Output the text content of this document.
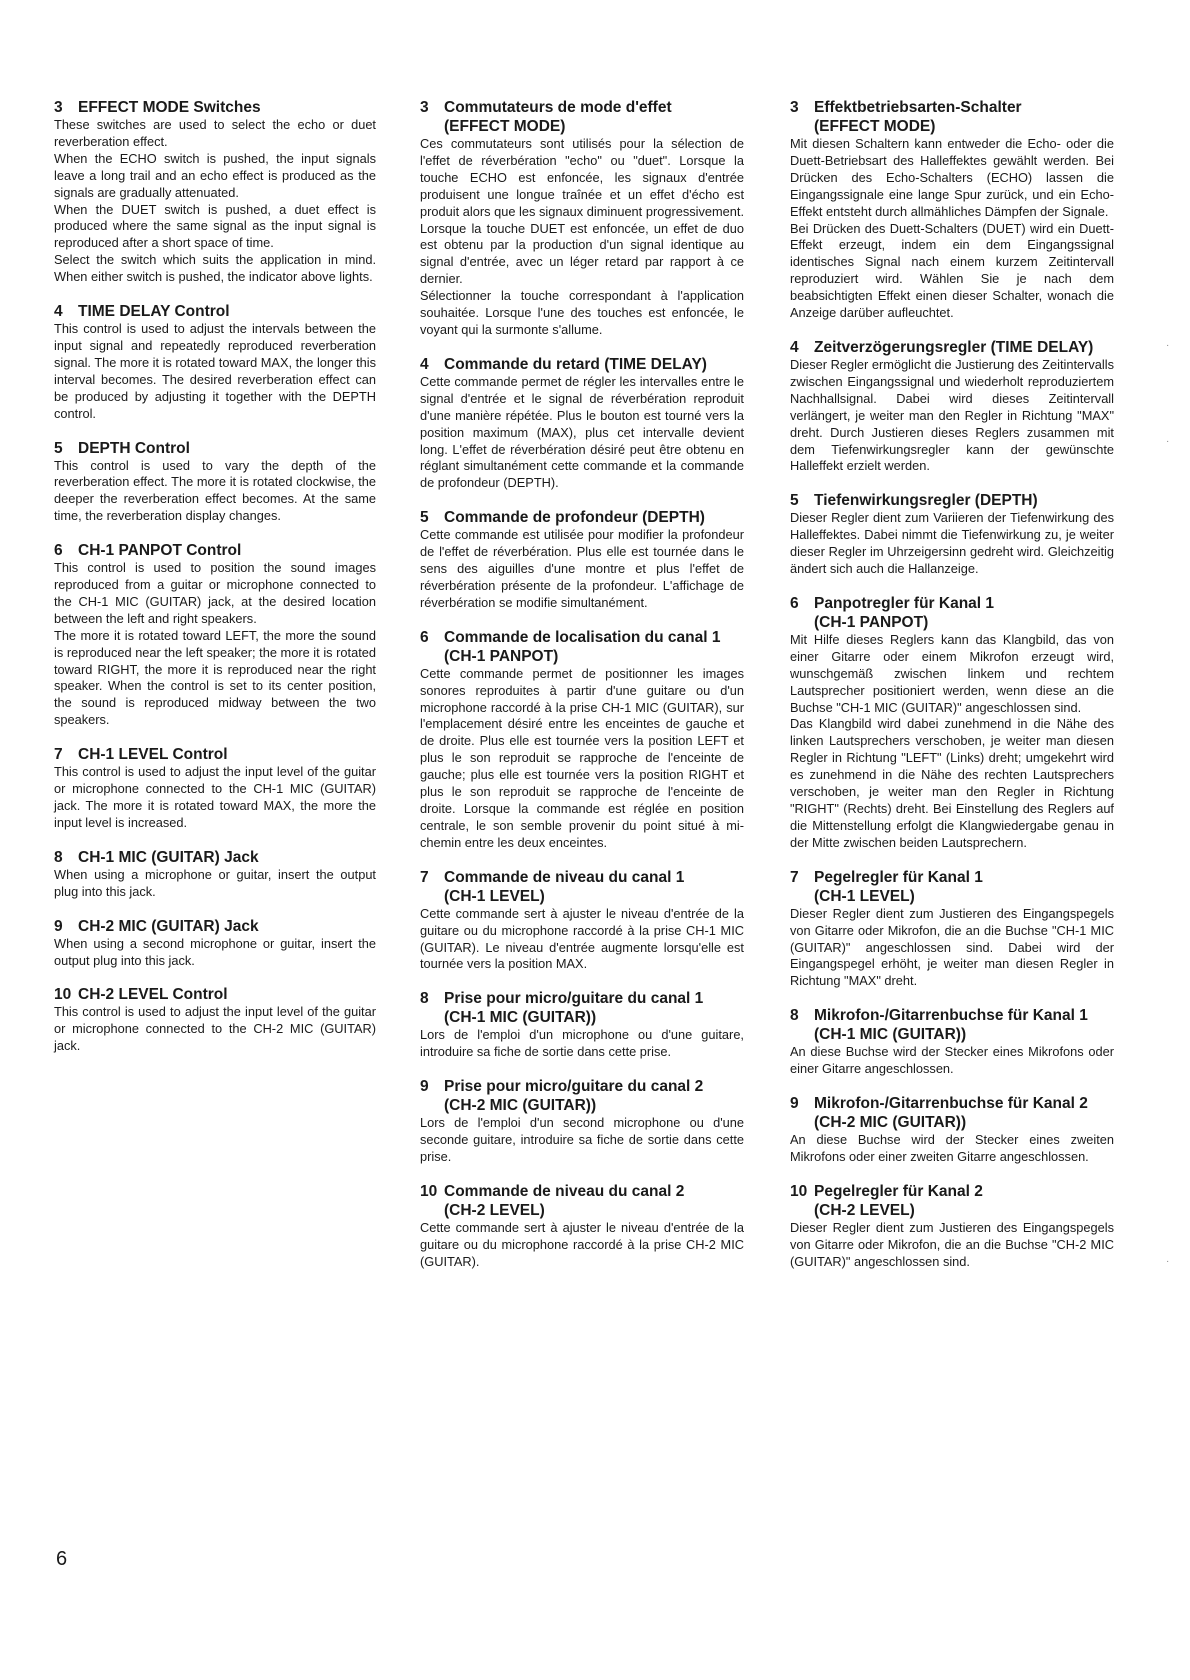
3 EFFECT MODE Switches

These switches are used to select the echo or duet reverberation effect.
When the ECHO switch is pushed, the input signals leave a long trail and an echo effect is produced as the signals are gradually attenuated.
When the DUET switch is pushed, a duet effect is produced where the same signal as the input signal is reproduced after a short space of time.
Select the switch which suits the application in mind. When either switch is pushed, the indicator above lights.

4 TIME DELAY Control

This control is used to adjust the intervals between the input signal and repeatedly reproduced reverberation signal. The more it is rotated toward MAX, the longer this interval becomes. The desired reverberation effect can be produced by adjusting it together with the DEPTH control.

5 DEPTH Control

This control is used to vary the depth of the reverberation effect. The more it is rotated clockwise, the deeper the reverberation effect becomes. At the same time, the reverberation display changes.

6 CH-1 PANPOT Control

This control is used to position the sound images reproduced from a guitar or microphone connected to the CH-1 MIC (GUITAR) jack, at the desired location between the left and right speakers.
The more it is rotated toward LEFT, the more the sound is reproduced near the left speaker; the more it is rotated toward RIGHT, the more it is reproduced near the right speaker. When the control is set to its center position, the sound is reproduced midway between the two speakers.

7 CH-1 LEVEL Control

This control is used to adjust the input level of the guitar or microphone connected to the CH-1 MIC (GUITAR) jack. The more it is rotated toward MAX, the more the input level is increased.

8 CH-1 MIC (GUITAR) Jack

When using a microphone or guitar, insert the output plug into this jack.

9 CH-2 MIC (GUITAR) Jack

When using a second microphone or guitar, insert the output plug into this jack.

10 CH-2 LEVEL Control

This control is used to adjust the input level of the guitar or microphone connected to the CH-2 MIC (GUITAR) jack.

3 Commutateurs de mode d'effet
(EFFECT MODE)

Ces commutateurs sont utilisés pour la sélection de l'effet de réverbération "echo" ou "duet". Lorsque la touche ECHO est enfoncée, les signaux d'entrée produisent une longue traînée et un effet d'écho est produit alors que les signaux diminuent progressivement. Lorsque la touche DUET est enfoncée, un effet de duo est obtenu par la production d'un signal identique au signal d'entrée, avec un léger retard par rapport à ce dernier.
Sélectionner la touche correspondant à l'application souhaitée. Lorsque l'une des touches est enfoncée, le voyant qui la surmonte s'allume.

4 Commande du retard (TIME DELAY)

Cette commande permet de régler les intervalles entre le signal d'entrée et le signal de réverbération reproduit d'une manière répétée. Plus le bouton est tourné vers la position maximum (MAX), plus cet intervalle devient long. L'effet de réverbération désiré peut être obtenu en réglant simultanément cette commande et la commande de profondeur (DEPTH).

5 Commande de profondeur (DEPTH)

Cette commande est utilisée pour modifier la profondeur de l'effet de réverbération. Plus elle est tournée dans le sens des aiguilles d'une montre et plus l'effet de réverbération présente de la profondeur. L'affichage de réverbération se modifie simultanément.

6 Commande de localisation du canal 1
(CH-1 PANPOT)

Cette commande permet de positionner les images sonores reproduites à partir d'une guitare ou d'un microphone raccordé à la prise CH-1 MIC (GUITAR), sur l'emplacement désiré entre les enceintes de gauche et de droite. Plus elle est tournée vers la position LEFT et plus le son reproduit se rapproche de l'enceinte de gauche; plus elle est tournée vers la position RIGHT et plus le son reproduit se rapproche de l'enceinte de droite. Lorsque la commande est réglée en position centrale, le son semble provenir du point situé à mi-chemin entre les deux enceintes.

7 Commande de niveau du canal 1
(CH-1 LEVEL)

Cette commande sert à ajuster le niveau d'entrée de la guitare ou du microphone raccordé à la prise CH-1 MIC (GUITAR). Le niveau d'entrée augmente lorsqu'elle est tournée vers la position MAX.

8 Prise pour micro/guitare du canal 1
(CH-1 MIC (GUITAR))

Lors de l'emploi d'un microphone ou d'une guitare, introduire sa fiche de sortie dans cette prise.

9 Prise pour micro/guitare du canal 2
(CH-2 MIC (GUITAR))

Lors de l'emploi d'un second microphone ou d'une seconde guitare, introduire sa fiche de sortie dans cette prise.

10 Commande de niveau du canal 2
(CH-2 LEVEL)

Cette commande sert à ajuster le niveau d'entrée de la guitare ou du microphone raccordé à la prise CH-2 MIC (GUITAR).

3 Effektbetriebsarten-Schalter
(EFFECT MODE)

Mit diesen Schaltern kann entweder die Echo- oder die Duett-Betriebsart des Halleffektes gewählt werden. Bei Drücken des Echo-Schalters (ECHO) lassen die Eingangssignale eine lange Spur zurück, und ein Echo-Effekt entsteht durch allmähliches Dämpfen der Signale.
Bei Drücken des Duett-Schalters (DUET) wird ein Duett-Effekt erzeugt, indem ein dem Eingangssignal identisches Signal nach einem kurzem Zeitintervall reproduziert wird. Wählen Sie je nach dem beabsichtigten Effekt einen dieser Schalter, wonach die Anzeige darüber aufleuchtet.

4 Zeitverzögerungsregler (TIME DELAY)

Dieser Regler ermöglicht die Justierung des Zeitintervalls zwischen Eingangssignal und wiederholt reproduziertem Nachhallsignal. Dabei wird dieses Zeitintervall verlängert, je weiter man den Regler in Richtung "MAX" dreht. Durch Justieren dieses Reglers zusammen mit dem Tiefenwirkungsregler kann der gewünschte Halleffekt erzielt werden.

5 Tiefenwirkungsregler (DEPTH)

Dieser Regler dient zum Variieren der Tiefenwirkung des Halleffektes. Dabei nimmt die Tiefenwirkung zu, je weiter dieser Regler im Uhrzeigersinn gedreht wird. Gleichzeitig ändert sich auch die Hallanzeige.

6 Panpotregler für Kanal 1
(CH-1 PANPOT)

Mit Hilfe dieses Reglers kann das Klangbild, das von einer Gitarre oder einem Mikrofon erzeugt wird, wunschgemäß zwischen linkem und rechtem Lautsprecher positioniert werden, wenn diese an die Buchse "CH-1 MIC (GUITAR)" angeschlossen sind.
Das Klangbild wird dabei zunehmend in die Nähe des linken Lautsprechers verschoben, je weiter man diesen Regler in Richtung "LEFT" (Links) dreht; umgekehrt wird es zunehmend in die Nähe des rechten Lautsprechers verschoben, je weiter man den Regler in Richtung "RIGHT" (Rechts) dreht. Bei Einstellung des Reglers auf die Mittenstellung erfolgt die Klangwiedergabe genau in der Mitte zwischen beiden Lautsprechern.

7 Pegelregler für Kanal 1
(CH-1 LEVEL)

Dieser Regler dient zum Justieren des Eingangspegels von Gitarre oder Mikrofon, die an die Buchse "CH-1 MIC (GUITAR)" angeschlossen sind. Dabei wird der Eingangspegel erhöht, je weiter man diesen Regler in Richtung "MAX" dreht.

8 Mikrofon-/Gitarrenbuchse für Kanal 1
(CH-1 MIC (GUITAR))

An diese Buchse wird der Stecker eines Mikrofons oder einer Gitarre angeschlossen.

9 Mikrofon-/Gitarrenbuchse für Kanal 2
(CH-2 MIC (GUITAR))

An diese Buchse wird der Stecker eines zweiten Mikrofons oder einer zweiten Gitarre angeschlossen.

10 Pegelregler für Kanal 2
(CH-2 LEVEL)

Dieser Regler dient zum Justieren des Eingangspegels von Gitarre oder Mikrofon, die an die Buchse "CH-2 MIC (GUITAR)" angeschlossen sind.

6
·
·
·
